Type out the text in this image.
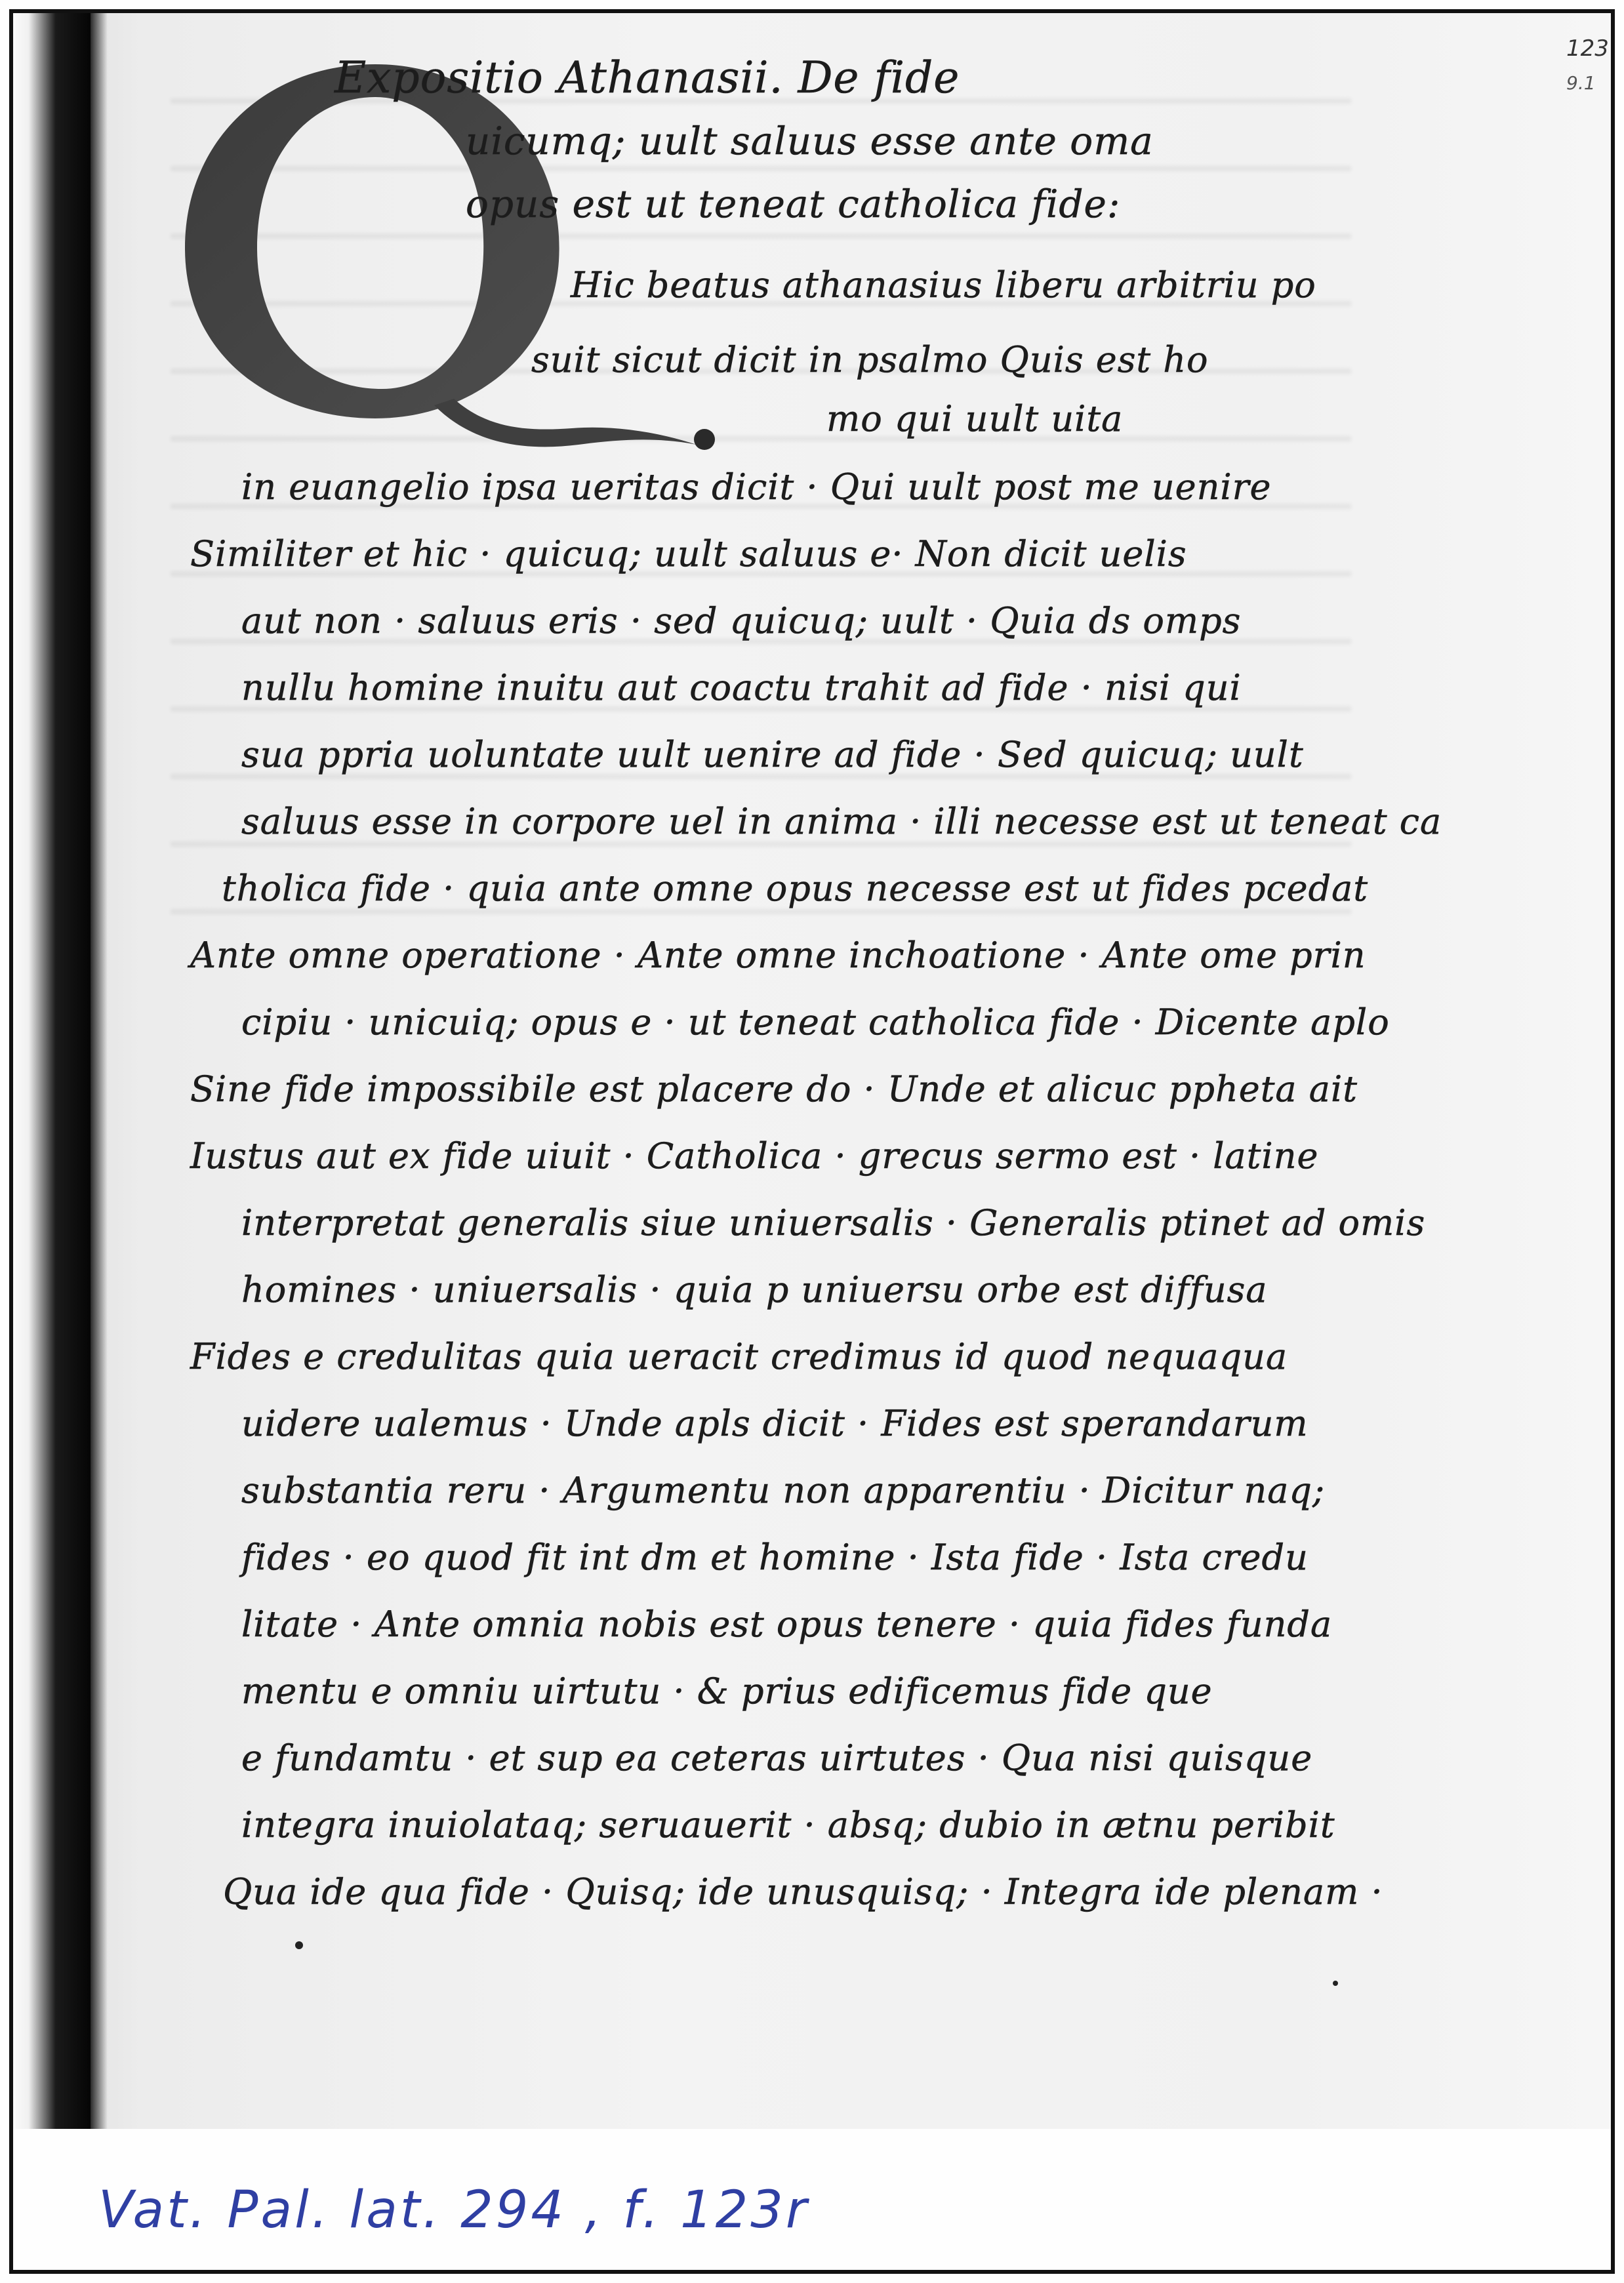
Expositio Athanasii. De fide
uicumq; uult saluus esse ante oma
opus est ut teneat catholica fide:
Hic beatus athanasius liberu arbitriu po
suit sicut dicit in psalmo Quis est ho
mo qui uult uita
in euangelio ipsa ueritas dicit · Qui uult post me uenire
Similiter et hic · quicuq; uult saluus e· Non dicit uelis
aut non · saluus eris · sed quicuq; uult · Quia ds omps
nullu homine inuitu aut coactu trahit ad fide · nisi qui
sua ppria uoluntate uult uenire ad fide · Sed quicuq; uult
saluus esse in corpore uel in anima · illi necesse est ut teneat ca
tholica fide · quia ante omne opus necesse est ut fides pcedat
Ante omne operatione · Ante omne inchoatione · Ante ome prin
cipiu · unicuiq; opus e · ut teneat catholica fide · Dicente aplo
Sine fide impossibile est placere do · Unde et alicuc ppheta ait
Iustus aut ex fide uiuit · Catholica · grecus sermo est · latine
interpretat generalis siue uniuersalis · Generalis ptinet ad omis
homines · uniuersalis · quia p uniuersu orbe est diffusa
Fides e credulitas quia ueracit credimus id quod nequaqua
uidere ualemus · Unde apls dicit · Fides est sperandarum
substantia reru · Argumentu non apparentiu · Dicitur naq;
fides · eo quod fit int dm et homine · Ista fide · Ista credu
litate · Ante omnia nobis est opus tenere · quia fides funda
mentu e omniu uirtutu · & prius edificemus fide que
e fundamtu · et sup ea ceteras uirtutes · Qua nisi quisque
integra inuiolataq; seruauerit · absq; dubio in ætnu peribit
Qua ide qua fide · Quisq; ide unusquisq; · Integra ide plenam ·
123
9.1
Vat. Pal. lat. 294 , f. 123r
